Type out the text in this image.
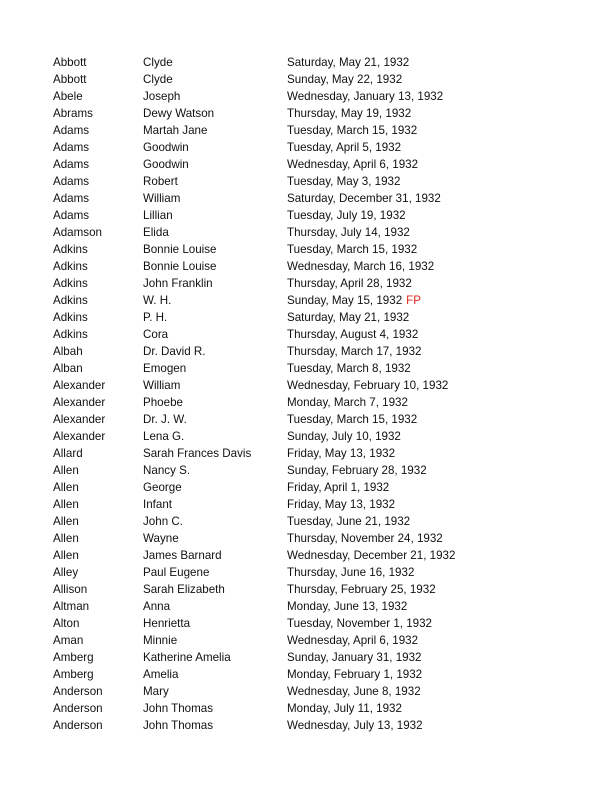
Abbott	Clyde	Saturday, May 21, 1932
Abbott	Clyde	Sunday, May 22, 1932
Abele	Joseph	Wednesday, January 13, 1932
Abrams	Dewy Watson	Thursday, May 19, 1932
Adams	Martah Jane	Tuesday, March 15, 1932
Adams	Goodwin	Tuesday, April 5, 1932
Adams	Goodwin	Wednesday, April 6, 1932
Adams	Robert	Tuesday, May 3, 1932
Adams	William	Saturday, December 31, 1932
Adams	Lillian	Tuesday, July 19, 1932
Adamson	Elida	Thursday, July 14, 1932
Adkins	Bonnie Louise	Tuesday, March 15, 1932
Adkins	Bonnie Louise	Wednesday, March 16, 1932
Adkins	John Franklin	Thursday, April 28, 1932
Adkins	W. H.	Sunday, May 15, 1932 FP
Adkins	P. H.	Saturday, May 21, 1932
Adkins	Cora	Thursday, August 4, 1932
Albah	Dr. David R.	Thursday, March 17, 1932
Alban	Emogen	Tuesday, March 8, 1932
Alexander	William	Wednesday, February 10, 1932
Alexander	Phoebe	Monday, March 7, 1932
Alexander	Dr. J. W.	Tuesday, March 15, 1932
Alexander	Lena G.	Sunday, July 10, 1932
Allard	Sarah Frances Davis	Friday, May 13, 1932
Allen	Nancy S.	Sunday, February 28, 1932
Allen	George	Friday, April 1, 1932
Allen	Infant	Friday, May 13, 1932
Allen	John C.	Tuesday, June 21, 1932
Allen	Wayne	Thursday, November 24, 1932
Allen	James Barnard	Wednesday, December 21, 1932
Alley	Paul Eugene	Thursday, June 16, 1932
Allison	Sarah Elizabeth	Thursday, February 25, 1932
Altman	Anna	Monday, June 13, 1932
Alton	Henrietta	Tuesday, November 1, 1932
Aman	Minnie	Wednesday, April 6, 1932
Amberg	Katherine Amelia	Sunday, January 31, 1932
Amberg	Amelia	Monday, February 1, 1932
Anderson	Mary	Wednesday, June 8, 1932
Anderson	John Thomas	Monday, July 11, 1932
Anderson	John Thomas	Wednesday, July 13, 1932
